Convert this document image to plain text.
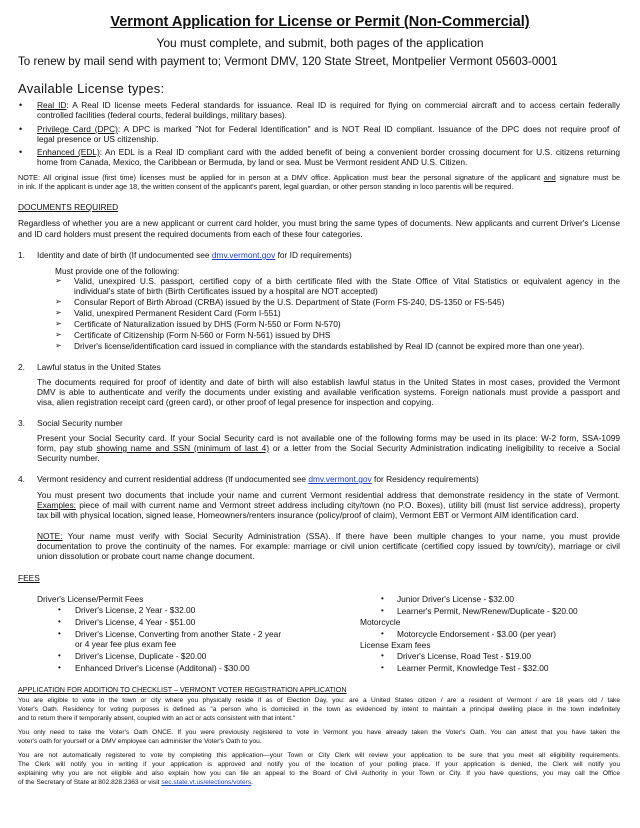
Vermont Application for License or Permit (Non-Commercial)
You must complete, and submit, both pages of the application
To renew by mail send with payment to; Vermont DMV, 120 State Street, Montpelier Vermont 05603-0001
Available License types:
• Real ID: A Real ID license meets Federal standards for issuance. Real ID is required for flying on commercial aircraft and to access certain federally
controlled facilities (federal courts, federal buildings, military bases).
• Privilege Card (DPC): A DPC is marked "Not for Federal Identification" and is NOT Real ID compliant. Issuance of the DPC does not require proof of
legal presence or US citizenship.
• Enhanced (EDL): An EDL is a Real ID compliant card with the added benefit of being a convenient border crossing document for U.S. citizens returning
home from Canada, Mexico, the Caribbean or Bermuda, by land or sea. Must be Vermont resident AND U.S. Citizen.
NOTE: All original issue (first time) licenses must be applied for in person at a DMV office. Application must bear the personal signature of the applicant and signature must be
in ink. If the applicant is under age 18, the written consent of the applicant's parent, legal guardian, or other person standing in loco parentis will be required.
DOCUMENTS REQUIRED
Regardless of whether you are a new applicant or current card holder, you must bring the same types of documents. New applicants and current Driver's License
and ID card holders must present the required documents from each of these four categories.
1. Identity and date of birth (If undocumented see dmv.vermont.gov for ID requirements)
Must provide one of the following:
➢ Valid, unexpired U.S. passport, certified copy of a birth certificate filed with the State Office of Vital Statistics or equivalent agency in the
individual's state of birth (Birth Certificates issued by a hospital are NOT accepted)
➢ Consular Report of Birth Abroad (CRBA) issued by the U.S. Department of State (Form FS-240, DS-1350 or FS-545)
➢ Valid, unexpired Permanent Resident Card (Form I-551)
➢ Certificate of Naturalization issued by DHS (Form N-550 or Form N-570)
➢ Certificate of Citizenship (Form N-560 or Form N-561) issued by DHS
➢ Driver's license/identification card issued in compliance with the standards established by Real ID (cannot be expired more than one year).
2. Lawful status in the United States
The documents required for proof of identity and date of birth will also establish lawful status in the United States in most cases, provided the Vermont
DMV is able to authenticate and verify the documents under existing and available verification systems. Foreign nationals must provide a passport and
visa, alien registration receipt card (green card), or other proof of legal presence for inspection and copying.
3. Social Security number
Present your Social Security card. If your Social Security card is not available one of the following forms may be used in its place: W-2 form, SSA-1099
form, pay stub showing name and SSN (minimum of last 4) or a letter from the Social Security Administration indicating ineligibility to receive a Social
Security number.
4. Vermont residency and current residential address (If undocumented see dmv.vermont.gov for Residency requirements)
You must present two documents that include your name and current Vermont residential address that demonstrate residency in the state of Vermont.
Examples: piece of mail with current name and Vermont street address including city/town (no P.O. Boxes), utility bill (must list service address), property
tax bill with physical location, signed lease, Homeowners/renters insurance (policy/proof of claim), Vermont EBT or Vermont AIM identification card.
NOTE: Your name must verify with Social Security Administration (SSA). If there have been multiple changes to your name, you must provide
documentation to prove the continuity of the names. For example: marriage or civil union certificate (certified copy issued by town/city), marriage or civil
union dissolution or probate court name change document.
FEES
Driver's License/Permit Fees
• Driver's License, 2 Year - $32.00
• Driver's License, 4 Year - $51.00
• Driver's License, Converting from another State - 2 year
or 4 year fee plus exam fee
• Driver's License, Duplicate - $20.00
• Enhanced Driver's License (Additonal) - $30.00
• Junior Driver's License - $32.00
• Learner's Permit, New/Renew/Duplicate - $20.00
Motorcycle
• Motorcycle Endorsement - $3.00 (per year)
License Exam fees
• Driver's License, Road Test - $19.00
• Learner Permit, Knowledge Test - $32.00
APPLICATION FOR ADDITION TO CHECKLIST – VERMONT VOTER REGISTRATION APPLICATION
You are eligible to vote in the town or city where you physically reside if as of Election Day, you: are a United States citizen / are a resident of Vermont / are 18 years old / take
Voter's Oath. Residency for voting purposes is defined as "a person who is domiciled in the town as evidenced by intent to maintain a principal dwelling place in the town indefinitely
and to return there if temporarily absent, coupled with an act or acts consistent with that intent."
You only need to take the Voter's Oath ONCE. If you were previously registered to vote in Vermont you have already taken the Voter's Oath. You can attest that you have taken the
voter's oath for yourself or a DMV employee can administer the Voter's Oath to you.
You are not automatically registered to vote by completing this application—your Town or City Clerk will review your application to be sure that you meet all eligibility requirements.
The Clerk will notify you in writing if your application is approved and notify you of the location of your polling place. If your application is denied, the Clerk will notify you
explaining why you are not eligible and also explain how you can file an appeal to the Board of Civil Authority in your Town or City. If you have questions, you may call the Office
of the Secretary of State at 802.828.2363 or visit sec.state.vt.us/elections/voters.
